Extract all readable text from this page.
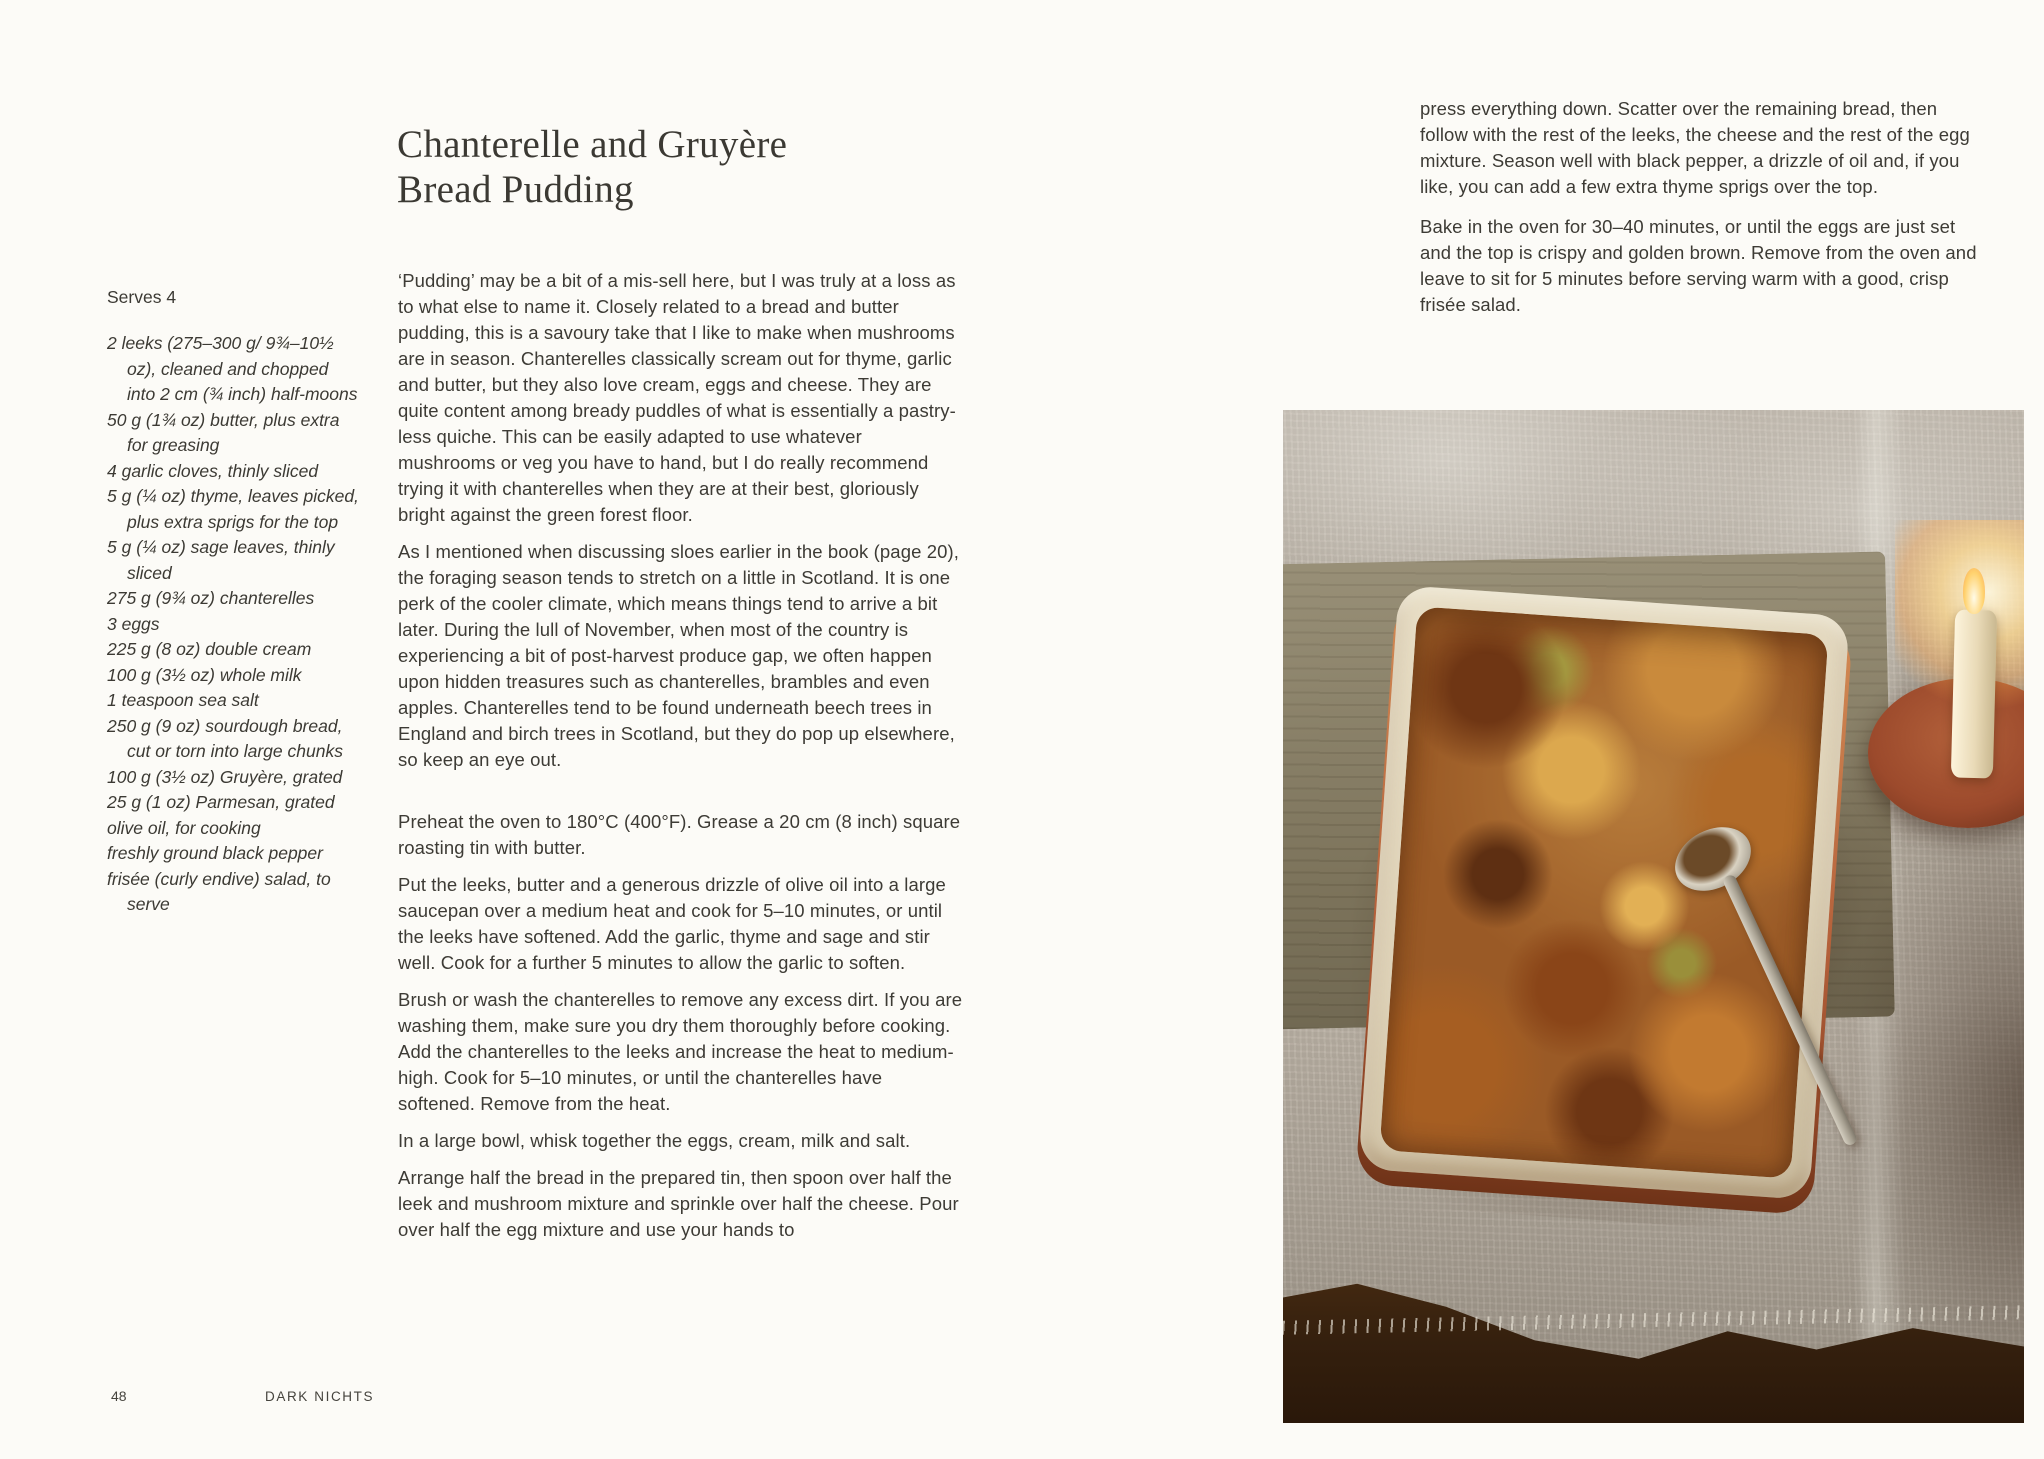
Chanterelle and Gruyère
Bread Pudding
Serves 4
2 leeks (275–300 g/ 9¾–10½ oz), cleaned and chopped into 2 cm (¾ inch) half-moons
50 g (1¾ oz) butter, plus extra for greasing
4 garlic cloves, thinly sliced
5 g (¼ oz) thyme, leaves picked, plus extra sprigs for the top
5 g (¼ oz) sage leaves, thinly sliced
275 g (9¾ oz) chanterelles
3 eggs
225 g (8 oz) double cream
100 g (3½ oz) whole milk
1 teaspoon sea salt
250 g (9 oz) sourdough bread, cut or torn into large chunks
100 g (3½ oz) Gruyère, grated
25 g (1 oz) Parmesan, grated
olive oil, for cooking
freshly ground black pepper
frisée (curly endive) salad, to serve

‘Pudding’ may be a bit of a mis-sell here, but I was truly at a loss as to what else to name it. Closely related to a bread and butter pudding, this is a savoury take that I like to make when mushrooms are in season. Chanterelles classically scream out for thyme, garlic and butter, but they also love cream, eggs and cheese. They are quite content among bready puddles of what is essentially a pastry-less quiche. This can be easily adapted to use whatever mushrooms or veg you have to hand, but I do really recommend trying it with chanterelles when they are at their best, gloriously bright against the green forest floor.

As I mentioned when discussing sloes earlier in the book (page 20), the foraging season tends to stretch on a little in Scotland. It is one perk of the cooler climate, which means things tend to arrive a bit later. During the lull of November, when most of the country is experiencing a bit of post-harvest produce gap, we often happen upon hidden treasures such as chanterelles, brambles and even apples. Chanterelles tend to be found underneath beech trees in England and birch trees in Scotland, but they do pop up elsewhere, so keep an eye out.

Preheat the oven to 180°C (400°F). Grease a 20 cm (8 inch) square roasting tin with butter.

Put the leeks, butter and a generous drizzle of olive oil into a large saucepan over a medium heat and cook for 5–10 minutes, or until the leeks have softened. Add the garlic, thyme and sage and stir well. Cook for a further 5 minutes to allow the garlic to soften.

Brush or wash the chanterelles to remove any excess dirt. If you are washing them, make sure you dry them thoroughly before cooking. Add the chanterelles to the leeks and increase the heat to medium-high. Cook for 5–10 minutes, or until the chanterelles have softened. Remove from the heat.

In a large bowl, whisk together the eggs, cream, milk and salt.

Arrange half the bread in the prepared tin, then spoon over half the leek and mushroom mixture and sprinkle over half the cheese. Pour over half the egg mixture and use your hands to

48	DARK NICHTS

press everything down. Scatter over the remaining bread, then follow with the rest of the leeks, the cheese and the rest of the egg mixture. Season well with black pepper, a drizzle of oil and, if you like, you can add a few extra thyme sprigs over the top.

Bake in the oven for 30–40 minutes, or until the eggs are just set and the top is crispy and golden brown. Remove from the oven and leave to sit for 5 minutes before serving warm with a good, crisp frisée salad.
